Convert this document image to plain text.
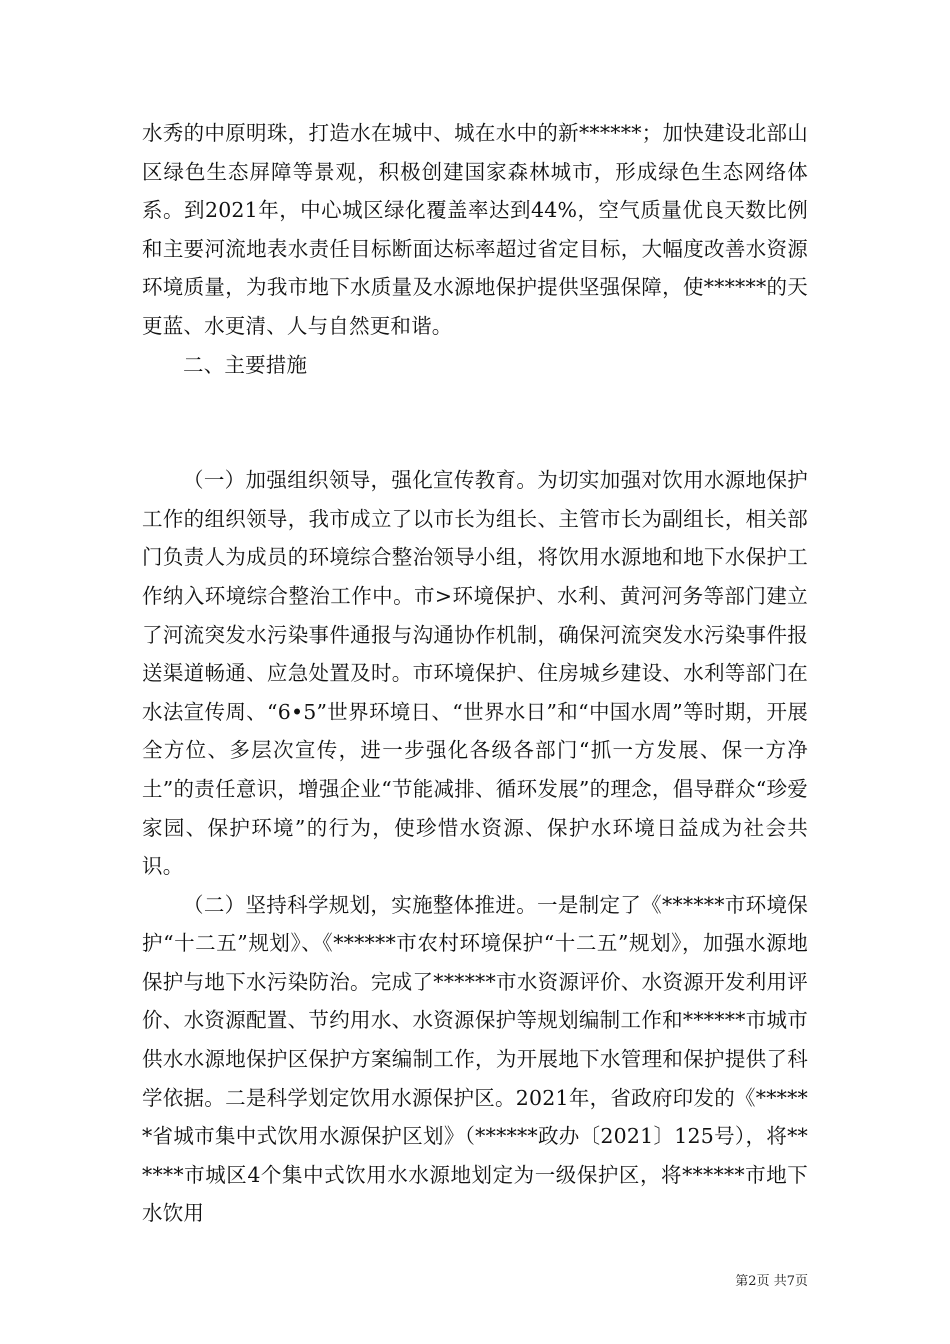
水秀的中原明珠，打造水在城中、城在水中的新******；加快建设北部山区绿色生态屏障等景观，积极创建国家森林城市，形成绿色生态网络体系。到2021年，中心城区绿化覆盖率达到44%，空气质量优良天数比例和主要河流地表水责任目标断面达标率超过省定目标，大幅度改善水资源环境质量，为我市地下水质量及水源地保护提供坚强保障，使******的天更蓝、水更清、人与自然更和谐。

二、主要措施

（一）加强组织领导，强化宣传教育。为切实加强对饮用水源地保护工作的组织领导，我市成立了以市长为组长、主管市长为副组长，相关部门负责人为成员的环境综合整治领导小组，将饮用水源地和地下水保护工作纳入环境综合整治工作中。市>环境保护、水利、黄河河务等部门建立了河流突发水污染事件通报与沟通协作机制，确保河流突发水污染事件报送渠道畅通、应急处置及时。市环境保护、住房城乡建设、水利等部门在水法宣传周、“6•5”世界环境日、“世界水日”和“中国水周”等时期，开展全方位、多层次宣传，进一步强化各级各部门“抓一方发展、保一方净土”的责任意识，增强企业“节能减排、循环发展”的理念，倡导群众“珍爱家园、保护环境”的行为，使珍惜水资源、保护水环境日益成为社会共识。

（二）坚持科学规划，实施整体推进。一是制定了《******市环境保护“十二五”规划》、《******市农村环境保护“十二五”规划》，加强水源地保护与地下水污染防治。完成了******市水资源评价、水资源开发利用评价、水资源配置、节约用水、水资源保护等规划编制工作和******市城市供水水源地保护区保护方案编制工作，为开展地下水管理和保护提供了科学依据。二是科学划定饮用水源保护区。2021年，省政府印发的《******省城市集中式饮用水源保护区划》（******政办〔2021〕125号），将******市城区4个集中式饮用水水源地划定为一级保护区，将******市地下水饮用

第2页 共7页
